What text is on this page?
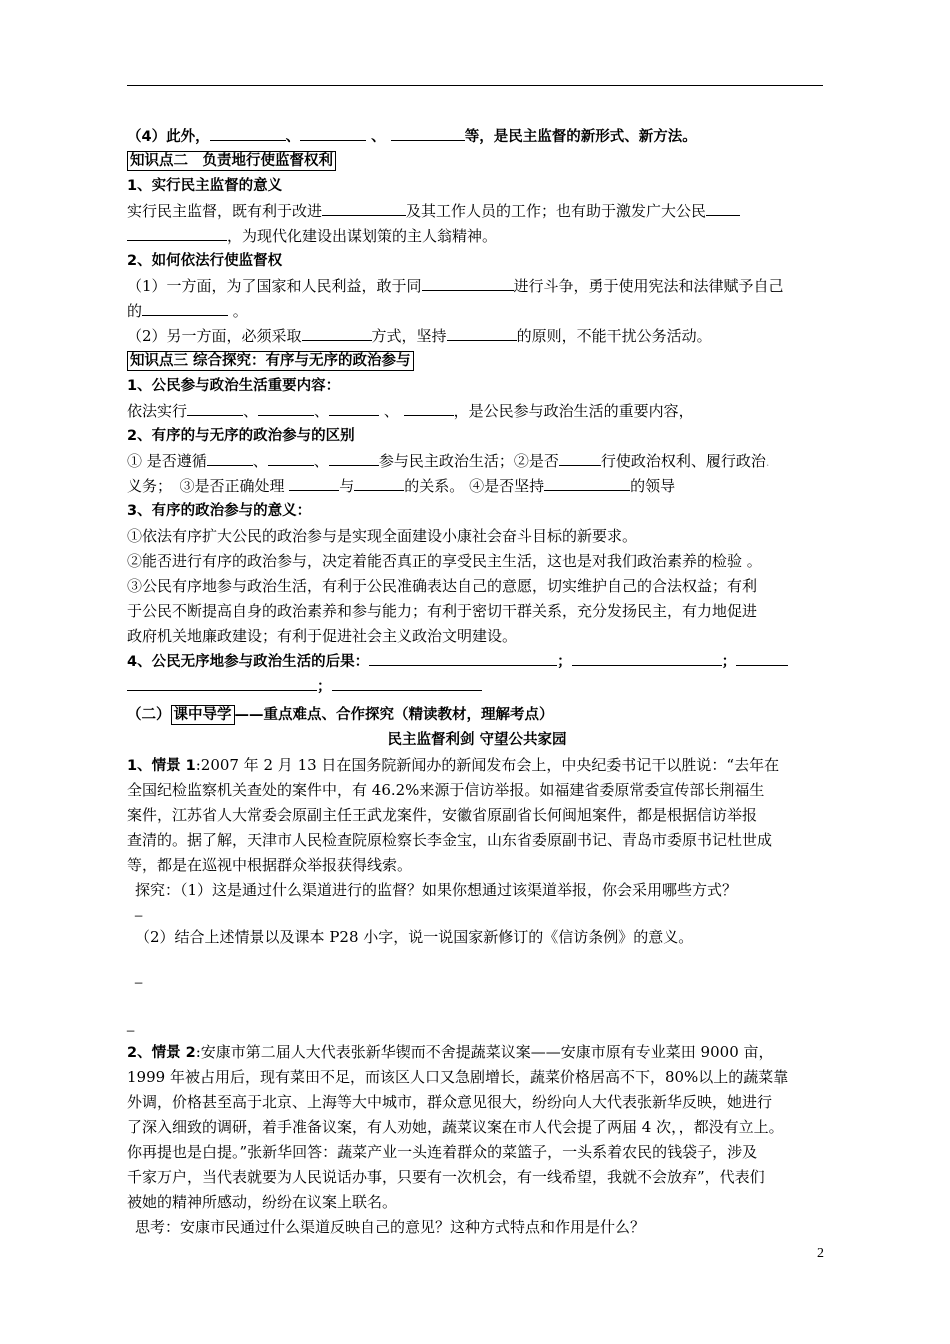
（4）此外，	、	、	等，是民主监督的新形式、新方法。
知识点二　负责地行使监督权利
1、实行民主监督的意义
实行民主监督，既有利于改进	及其工作人员的工作；也有助于激发广大公民
，为现代化建设出谋划策的主人翁精神。
2、如何依法行使监督权
（1）一方面，为了国家和人民利益，敢于同	进行斗争，勇于使用宪法和法律赋予自己
的	。
（2）另一方面，必须采取	方式，坚持	的原则，不能干扰公务活动。
知识点三 综合探究：有序与无序的政治参与
1、公民参与政治生活重要内容：
依法实行	、	、	、	，是公民参与政治生活的重要内容，
2、有序的与无序的政治参与的区别
① 是否遵循	、	、	参与民主政治生活；②是否	行使政治权利、履行政治.
义务；　③是否正确处理	与	的关系。 ④是否坚持	的领导
3、有序的政治参与的意义：
①依法有序扩大公民的政治参与是实现全面建设小康社会奋斗目标的新要求。
②能否进行有序的政治参与，决定着能否真正的享受民主生活，这也是对我们政治素养的检验 。
③公民有序地参与政治生活，有利于公民准确表达自己的意愿，切实维护自己的合法权益；有利
于公民不断提高自身的政治素养和参与能力；有利于密切干群关系，充分发扬民主，有力地促进
政府机关地廉政建设；有利于促进社会主义政治文明建设。
4、公民无序地参与政治生活的后果：	；	；
；
（二） 课中导学 ——重点难点、合作探究（精读教材，理解考点）
民主监督利剑 守望公共家园
1、情景 1:2007 年 2 月 13 日在国务院新闻办的新闻发布会上，中央纪委书记干以胜说：“去年在
全国纪检监察机关查处的案件中，有 46.2%来源于信访举报。如福建省委原常委宣传部长荆福生
案件，江苏省人大常委会原副主任王武龙案件，安徽省原副省长何闽旭案件，都是根据信访举报
查清的。据了解，天津市人民检查院原检察长李金宝，山东省委原副书记、青岛市委原书记杜世成
等，都是在巡视中根据群众举报获得线索。
探究：（1）这是通过什么渠道进行的监督？如果你想通过该渠道举报，你会采用哪些方式？
_
（2）结合上述情景以及课本 P28 小字，说一说国家新修订的《信访条例》的意义。
_
_
2、情景 2:安康市第二届人大代表张新华锲而不舍提蔬菜议案——安康市原有专业菜田 9000 亩，
1999 年被占用后，现有菜田不足，而该区人口又急剧增长，蔬菜价格居高不下，80%以上的蔬菜靠
外调，价格甚至高于北京、上海等大中城市，群众意见很大，纷纷向人大代表张新华反映，她进行
了深入细致的调研，着手准备议案，有人劝她，蔬菜议案在市人代会提了两届 4 次，，都没有立上。
你再提也是白提。”张新华回答：蔬菜产业一头连着群众的菜篮子，一头系着农民的钱袋子，涉及
千家万户，当代表就要为人民说话办事，只要有一次机会，有一线希望，我就不会放弃”，代表们
被她的精神所感动，纷纷在议案上联名。
思考：安康市民通过什么渠道反映自己的意见？这种方式特点和作用是什么？
2
